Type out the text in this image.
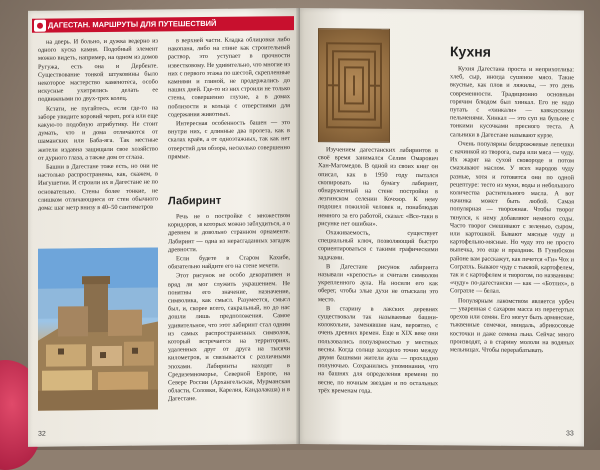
ДАГЕСТАН. МАРШРУТЫ ДЛЯ ПУТЕШЕСТВИЙ

на дверь. И больно, и дужка ведерно из одного куска камня. Подобный элемент можно видеть, например, на одном из домов Ругужа, есть она и Дербенте. Существование тонкой штуковины было некоторое мастерство каменотеса, особо искусные ухитрялись делать ее подвижными по двух-трех колец.

Кстати, не пугайтесь, если где-то на заборе увидите коровий череп, рога или еще какую-то подобную атрибутику. Не стоит думать, что и дома отличаются от шаманских или Баба-яга. Так местные жители издавна защищали свое хозяйство от дурного глаза, а также дом от сглаза.

Башни в Дагестане тоже есть, но они не настолько распространены, как, скажем, в Ингушетии. И строили их в Дагестане не по основательно. Стены более тонкие, не слишком отличающиеся от стен обычного дома: шаг метр внизу в 40–50 сантиметров

в верхней части. Кладка облицовки либо накопана, либо на глине как строительный раствор, это уступает в прочности известковому. Не удивительно, что многие из них с первого этажа по шестой, скрепленные камнями и глиной, не продержались до наших дней. Где-то из них строили не только стены, совершенно глухие, а в домах поблизости и кольца с отверстиями для содержания животных.

Интересная особенность башен — это внутри них, с длинные два пролета, как в скалах краёв, а от одноэтажных, так как нет отверстий для обзора, несколько совершенно прямые.

Лабиринт

Речь не о постройке с множеством коридоров, в которых можно заблудиться, а о древнем и довольно странном орнаменте. Лабиринт — одна из нерасгаданных загадок древности.

Если будете в Старом Кахибе, обязательно найдите его на стене мечети.

Этот рисунок не особо декоративен и вряд ли мог служить украшением. Не понятны его значение, назначение, символика, как смысл. Разумеется, смысл был, и, скорее всего, сакральный, но до нас дошли лишь предположения. Самое удивительное, что этот лабиринт стал одним из самых распространенных символов, который встречается на территориях, удаленных друг от друга на тысячи километров, и связывается с различными эпохами. Лабиринты находят в Средиземноморье, Северной Европе, на Севере России (Архангельская, Мурманская области, Соловки, Карелия, Кандалакша) и в Дагестане.

32

Изучением дагестанских лабиринтов в своё время занимался Селим Омарович Хан-Магомедов. В одной из своих книг он описал, как в 1950 году пытался скопировать на бумагу лабиринт, обнаруженный на стене постройки в лезгинском селении Кочхюр. К нему подошел пожилой человек и, понаблюдав немного за его работой, сказал: «Все-таки в рисунке нет ошибки».

Охаживаемость, существует специальный ключ, позволяющий быстро сориентироваться с такими графическими задачами.

В Дагестане рисунок лабиринта называли «крепость» и считали символом укрепленного аула. На носили его как оберег, чтобы злые духи не отыскали это место.

В старину в лакских деревнях существовали так называемые башни-колокольни, заменявшие нам, вероятно, с очень древних времен. Еще в XIX веке они пользовались популярностью у местных весны. Когда солнце заходило точно между двумя башнями жители аула — прохладно полуночью. Сохранились упоминания, что на башнях для определения времени по весне, по ночным звездам и по остальных трёх временам года.

Кухня

Кухня Дагестана проста и неприхотлива: хлеб, сыр, иногда сушеное мясо. Такие вкусные, как плов и ляжилы, — это день современности. Традиционно основным горячим блюдом был хинкал. Его не надо путать с «хинкали» — кавказскими пельменями. Хинкал — это суп на бульоне с тонкими кусочками пресного теста. А сальники в Дагестане называют курзе.

Очень популярны бездрожжевые лепешки с начинкой из творога, сыра или мяса — чуду. Их жарят на сухой сковороде и потом смазывают маслом. У всех народов чуду разные, хотя и готовятся они по одной рецептуре: тесто из муки, воды и небольшого количества растительного масла. А вот начинка может быть любой. Самая популярная — творожная. Чтобы творог тянулся, к нему добавляют немного соды. Часто творог смешивают с зеленью, сыром, или картошкой. Бывают мясные чуду и картофельно-мясные. Но чуду это не просто выпечка, это еще и праздник. В Гунибском районе вам расскажут, как печется «Ги» Чох и Согратль. Бывают чуду с тыквой, картофелем, так и с картофелем и творогом, по названиям: «чуду» по-дагестански — как — «Ботлих», в Согратле — белал.

Популярным лакомством является урбеч — уваренная с сахаром масса из перетертых орехов или семян. Его могут быть армянские, тыквенные семечки, миндаль, абрикосовые косточки и даже семена льна. Сейчас много производят, а в старину мололи на водяных мельницах. Чтобы перерабатывать

33
